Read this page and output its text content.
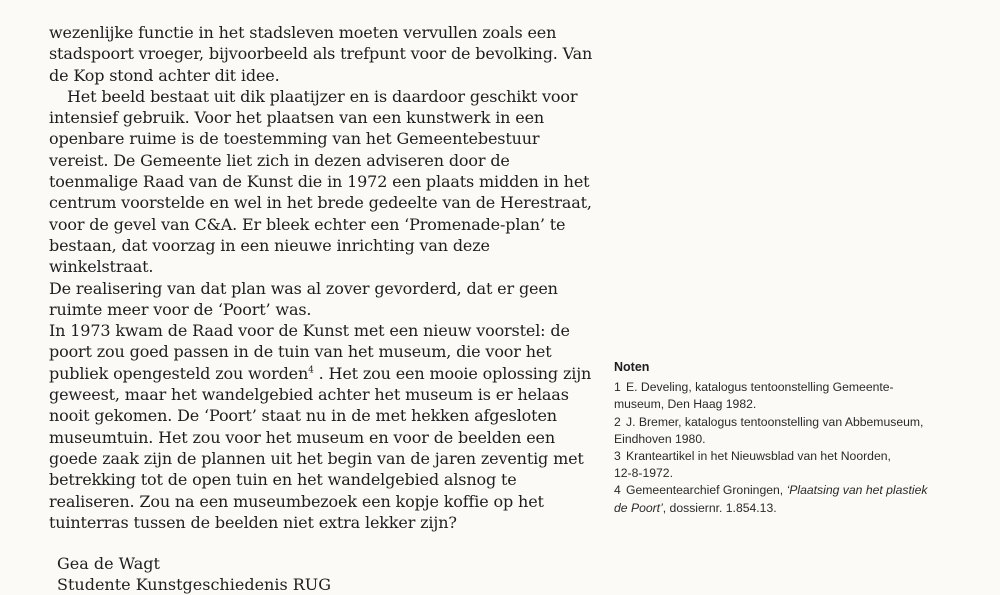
wezenlijke functie in het stadsleven moeten vervullen zoals een
stadspoort vroeger, bijvoorbeeld als trefpunt voor de bevolking. Van
de Kop stond achter dit idee.

Het beeld bestaat uit dik plaatijzer en is daardoor geschikt voor
intensief gebruik. Voor het plaatsen van een kunstwerk in een
openbare ruime is de toestemming van het Gemeentebestuur
vereist. De Gemeente liet zich in dezen adviseren door de
toenmalige Raad van de Kunst die in 1972 een plaats midden in het
centrum voorstelde en wel in het brede gedeelte van de Herestraat,
voor de gevel van C&A. Er bleek echter een ‘Promenade-plan’ te
bestaan, dat voorzag in een nieuwe inrichting van deze winkelstraat.
De realisering van dat plan was al zover gevorderd, dat er geen
ruimte meer voor de ‘Poort’ was.

In 1973 kwam de Raad voor de Kunst met een nieuw voorstel: de
poort zou goed passen in de tuin van het museum, die voor het
publiek opengesteld zou worden$^4$ . Het zou een mooie oplossing zijn
geweest, maar het wandelgebied achter het museum is er helaas
nooit gekomen. De ‘Poort’ staat nu in de met hekken afgesloten
museumtuin. Het zou voor het museum en voor de beelden een
goede zaak zijn de plannen uit het begin van de jaren zeventig met
betrekking tot de open tuin en het wandelgebied alsnog te
realiseren. Zou na een museumbezoek een kopje koffie op het
tuinterras tussen de beelden niet extra lekker zijn?

Gea de Wagt
Studente Kunstgeschiedenis RUG
Noten
1 E. Develing, katalogus tentoonstelling Gemeente-
museum, Den Haag 1982.
2 J. Bremer, katalogus tentoonstelling van Abbemuseum,
Eindhoven 1980.
3 Kranteartikel in het Nieuwsblad van het Noorden,
12-8-1972.
4 Gemeentearchief Groningen, ‘Plaatsing van het plastiek
de Poort’, dossiernr. 1.854.13.
